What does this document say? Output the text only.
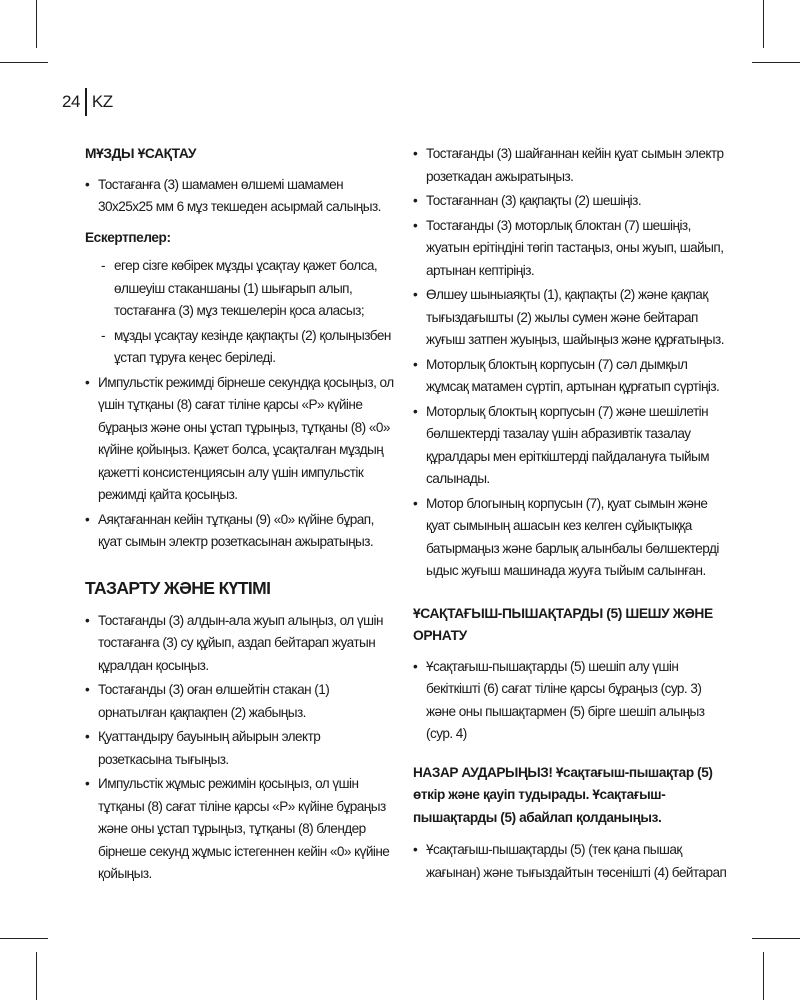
24 KZ
МҰЗДЫ ҰСАҚТАУ
• Тостағанға (3) шамамен өлшемі шамамен 30x25x25 мм 6 мұз текшеден асырмай салыңыз.
Ескертпелер:
- егер сізге көбірек мұзды ұсақтау қажет болса, өлшеуіш стаканшаны (1) шығарып алып, тостағанға (3) мұз текшелерін қоса аласыз;
- мұзды ұсақтау кезінде қақпақты (2) қолыңызбен ұстап тұруға кеңес беріледі.
• Импульстік режимді бірнеше секундқа қосыңыз, ол үшін тұтқаны (8) сағат тіліне қарсы «P» күйіне бұраңыз және оны ұстап тұрыңыз, тұтқаны (8) «0» күйіне қойыңыз. Қажет болса, ұсақталған мұздың қажетті консистенциясын алу үшін импульстік режимді қайта қосыңыз.
• Аяқтағаннан кейін тұтқаны (9) «0» күйіне бұрап, қуат сымын электр розеткасынан ажыратыңыз.
ТАЗАРТУ ЖӘНЕ КҮТІМІ
• Тостағанды (3) алдын-ала жуып алыңыз, ол үшін тостағанға (3) су құйып, аздап бейтарап жуатын құралдан қосыңыз.
• Тостағанды (3) оған өлшейтін стакан (1) орнатылған қақпақпен (2) жабыңыз.
• Қуаттандыру бауының айырын электр розеткасына тығыңыз.
• Импульстік жұмыс режимін қосыңыз, ол үшін тұтқаны (8) сағат тіліне қарсы «P» күйіне бұраңыз және оны ұстап тұрыңыз, тұтқаны (8) блендер бірнеше секунд жұмыс істегеннен кейін «0» күйіне қойыңыз.
• Тостағанды (3) шайғаннан кейін қуат сымын электр розеткадан ажыратыңыз.
• Тостағаннан (3) қақпақты (2) шешіңіз.
• Тостағанды (3) моторлық блоктан (7) шешіңіз, жуатын ерітіндіні төгіп тастаңыз, оны жуып, шайып, артынан кептіріңіз.
• Өлшеу шыныаяқты (1), қақпақты (2) және қақпақ тығыздағышты (2) жылы сумен және бейтарап жуғыш затпен жуыңыз, шайыңыз және құрғатыңыз.
• Моторлық блоктың корпусын (7) сәл дымқыл жұмсақ матамен сүртіп, артынан құрғатып сүртіңіз.
• Моторлық блоктың корпусын (7) және шешілетін бөлшектерді тазалау үшін абразивтік тазалау құралдары мен еріткіштерді пайдалануға тыйым салынады.
• Мотор блогының корпусын (7), қуат сымын және қуат сымының ашасын кез келген сұйықтыққа батырмаңыз және барлық алынбалы бөлшектерді ыдыс жуғыш машинада жууға тыйым салынған.
ҰСАҚТАҒЫШ-ПЫШАҚТАРДЫ (5) ШЕШУ ЖӘНЕ ОРНАТУ
• Ұсақтағыш-пышақтарды (5) шешіп алу үшін бекіткішті (6) сағат тіліне қарсы бұраңыз (сур. 3) және оны пышақтармен (5) бірге шешіп алыңыз (сур. 4)
НАЗАР АУДАРЫҢЫЗ! Ұсақтағыш-пышақтар (5) өткір және қауіп тудырады. Ұсақтағыш-пышақтарды (5) абайлап қолданыңыз.
• Ұсақтағыш-пышақтарды (5) (тек қана пышақ жағынан) және тығыздайтын төсенішті (4) бейтарап
